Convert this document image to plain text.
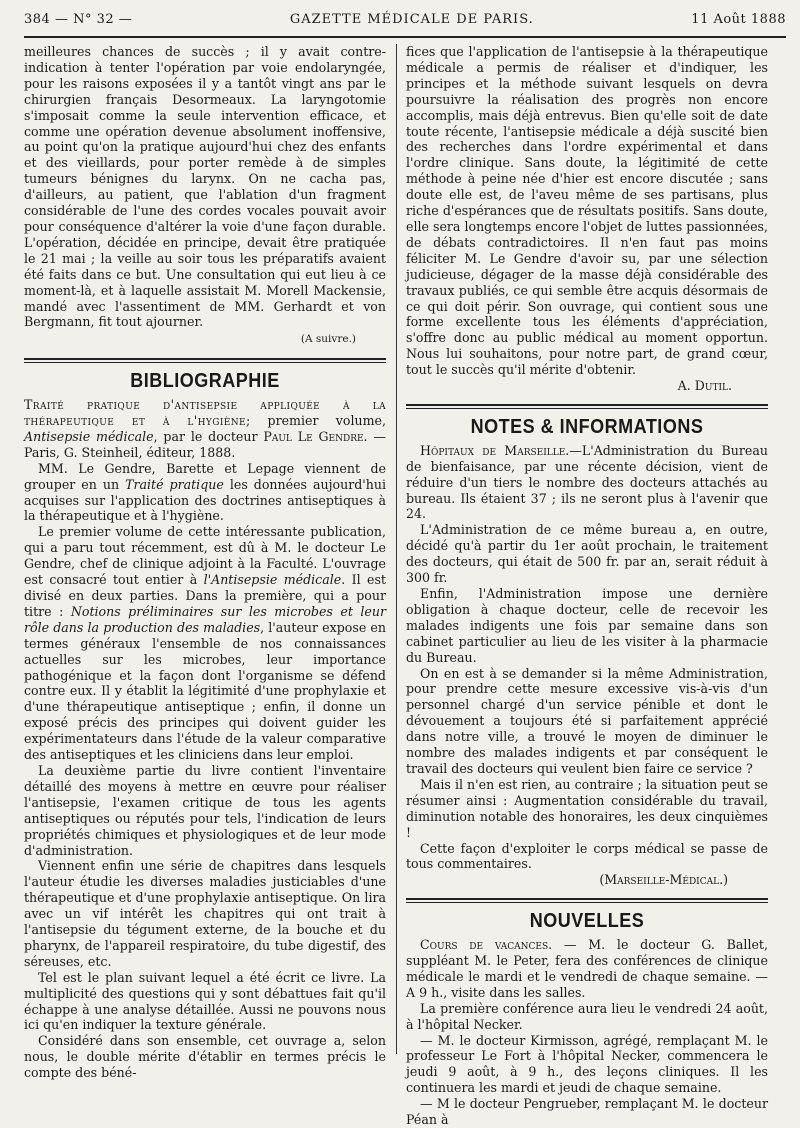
384 — N° 32 —	GAZETTE MÉDICALE DE PARIS.	11 Août 1888

meilleures chances de succès ; il y avait contre-indication à tenter l'opération par voie endolaryngée, pour les raisons exposées il y a tantôt vingt ans par le chirurgien français Desormeaux. La laryngotomie s'imposait comme la seule intervention efficace, et comme une opération devenue absolument inoffensive, au point qu'on la pratique aujourd'hui chez des enfants et des vieillards, pour porter remède à de simples tumeurs bénignes du larynx. On ne cacha pas, d'ailleurs, au patient, que l'ablation d'un fragment considérable de l'une des cordes vocales pouvait avoir pour conséquence d'altérer la voie d'une façon durable. L'opération, décidée en principe, devait être pratiquée le 21 mai ; la veille au soir tous les préparatifs avaient été faits dans ce but. Une consultation qui eut lieu à ce moment-là, et à laquelle assistait M. Morell Mackensie, mandé avec l'assentiment de MM. Gerhardt et von Bergmann, fit tout ajourner.

(A suivre.)

BIBLIOGRAPHIE

Traité pratique d'antisepsie appliquée à la thérapeutique et à l'hygiène; premier volume, Antisepsie médicale, par le docteur Paul Le Gendre. — Paris, G. Steinheil, éditeur, 1888.

MM. Le Gendre, Barette et Lepage viennent de grouper en un Traité pratique les données aujourd'hui acquises sur l'application des doctrines antiseptiques à la thérapeutique et à l'hygiène.

Le premier volume de cette intéressante publication, qui a paru tout récemment, est dû à M. le docteur Le Gendre, chef de clinique adjoint à la Faculté. L'ouvrage est consacré tout entier à l'Antisepsie médicale. Il est divisé en deux parties. Dans la première, qui a pour titre : Notions préliminaires sur les microbes et leur rôle dans la production des maladies, l'auteur expose en termes généraux l'ensemble de nos connaissances actuelles sur les microbes, leur importance pathogénique et la façon dont l'organisme se défend contre eux. Il y établit la légitimité d'une prophylaxie et d'une thérapeutique antiseptique ; enfin, il donne un exposé précis des principes qui doivent guider les expérimentateurs dans l'étude de la valeur comparative des antiseptiques et les cliniciens dans leur emploi.

La deuxième partie du livre contient l'inventaire détaillé des moyens à mettre en œuvre pour réaliser l'antisepsie, l'examen critique de tous les agents antiseptiques ou réputés pour tels, l'indication de leurs propriétés chimiques et physiologiques et de leur mode d'administration.

Viennent enfin une série de chapitres dans lesquels l'auteur étudie les diverses maladies justiciables d'une thérapeutique et d'une prophylaxie antiseptique. On lira avec un vif intérêt les chapitres qui ont trait à l'antisepsie du tégument externe, de la bouche et du pharynx, de l'appareil respiratoire, du tube digestif, des séreuses, etc.

Tel est le plan suivant lequel a été écrit ce livre. La multiplicité des questions qui y sont débattues fait qu'il échappe à une analyse détaillée. Aussi ne pouvons nous ici qu'en indiquer la texture générale.

Considéré dans son ensemble, cet ouvrage a, selon nous, le double mérite d'établir en termes précis le compte des béné-

fices que l'application de l'antisepsie à la thérapeutique médicale a permis de réaliser et d'indiquer, les principes et la méthode suivant lesquels on devra poursuivre la réalisation des progrès non encore accomplis, mais déjà entrevus. Bien qu'elle soit de date toute récente, l'antisepsie médicale a déjà suscité bien des recherches dans l'ordre expérimental et dans l'ordre clinique. Sans doute, la légitimité de cette méthode à peine née d'hier est encore discutée ; sans doute elle est, de l'aveu même de ses partisans, plus riche d'espérances que de résultats positifs. Sans doute, elle sera longtemps encore l'objet de luttes passionnées, de débats contradictoires. Il n'en faut pas moins féliciter M. Le Gendre d'avoir su, par une sélection judicieuse, dégager de la masse déjà considérable des travaux publiés, ce qui semble être acquis désormais de ce qui doit périr. Son ouvrage, qui contient sous une forme excellente tous les éléments d'appréciation, s'offre donc au public médical au moment opportun. Nous lui souhaitons, pour notre part, de grand cœur, tout le succès qu'il mérite d'obtenir.

A. Dutil.

NOTES & INFORMATIONS

Hôpitaux de Marseille.—L'Administration du Bureau de bienfaisance, par une récente décision, vient de réduire d'un tiers le nombre des docteurs attachés au bureau. Ils étaient 37 ; ils ne seront plus à l'avenir que 24.

L'Administration de ce même bureau a, en outre, décidé qu'à partir du 1er août prochain, le traitement des docteurs, qui était de 500 fr. par an, serait réduit à 300 fr.

Enfin, l'Administration impose une dernière obligation à chaque docteur, celle de recevoir les malades indigents une fois par semaine dans son cabinet particulier au lieu de les visiter à la pharmacie du Bureau.

On en est à se demander si la même Administration, pour prendre cette mesure excessive vis-à-vis d'un personnel chargé d'un service pénible et dont le dévouement a toujours été si parfaitement apprécié dans notre ville, a trouvé le moyen de diminuer le nombre des malades indigents et par conséquent le travail des docteurs qui veulent bien faire ce service ?

Mais il n'en est rien, au contraire ; la situation peut se résumer ainsi : Augmentation considérable du travail, diminution notable des honoraires, les deux cinquièmes !

Cette façon d'exploiter le corps médical se passe de tous commentaires.

(Marseille-Médical.)

NOUVELLES

Cours de vacances. — M. le docteur G. Ballet, suppléant M. le Peter, fera des conférences de clinique médicale le mardi et le vendredi de chaque semaine. — A 9 h., visite dans les salles.

La première conférence aura lieu le vendredi 24 août, à l'hôpital Necker.

— M. le docteur Kirmisson, agrégé, remplaçant M. le professeur Le Fort à l'hôpital Necker, commencera le jeudi 9 août, à 9 h., des leçons cliniques. Il les continuera les mardi et jeudi de chaque semaine.

— M le docteur Pengrueber, remplaçant M. le docteur Péan à
